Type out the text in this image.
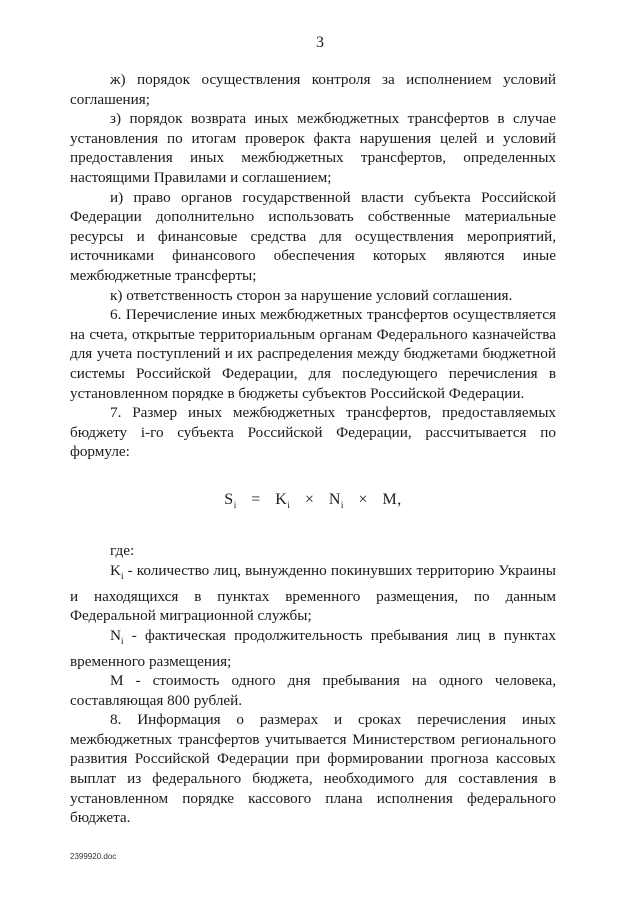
3

ж) порядок осуществления контроля за исполнением условий соглашения;

з) порядок возврата иных межбюджетных трансфертов в случае установления по итогам проверок факта нарушения целей и условий предоставления иных межбюджетных трансфертов, определенных настоящими Правилами и соглашением;

и) право органов государственной власти субъекта Российской Федерации дополнительно использовать собственные материальные ресурсы и финансовые средства для осуществления мероприятий, источниками финансового обеспечения которых являются иные межбюджетные трансферты;

к) ответственность сторон за нарушение условий соглашения.

6. Перечисление иных межбюджетных трансфертов осуществляется на счета, открытые территориальным органам Федерального казначейства для учета поступлений и их распределения между бюджетами бюджетной системы Российской Федерации, для последующего перечисления в установленном порядке в бюджеты субъектов Российской Федерации.

7. Размер иных межбюджетных трансфертов, предоставляемых бюджету i-го субъекта Российской Федерации, рассчитывается по формуле:

$S_i = K_i \times N_i \times M$,

где:

$K_i$ - количество лиц, вынужденно покинувших территорию Украины и находящихся в пунктах временного размещения, по данным Федеральной миграционной службы;

$N_i$ - фактическая продолжительность пребывания лиц в пунктах временного размещения;

M - стоимость одного дня пребывания на одного человека, составляющая 800 рублей.

8. Информация о размерах и сроках перечисления иных межбюджетных трансфертов учитывается Министерством регионального развития Российской Федерации при формировании прогноза кассовых выплат из федерального бюджета, необходимого для составления в установленном порядке кассового плана исполнения федерального бюджета.

2399920.doc
